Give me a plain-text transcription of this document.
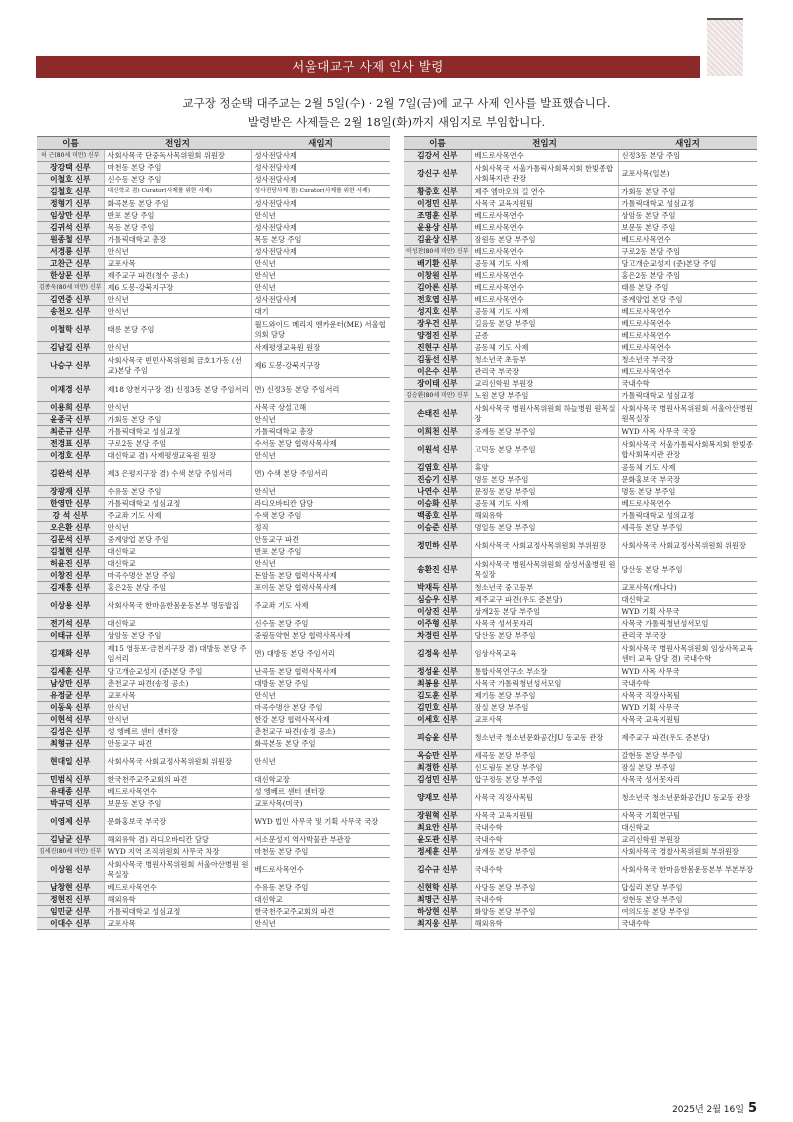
서울대교구 사제 인사 발령
교구장 정순택 대주교는 2월 5일(수) · 2월 7일(금)에 교구 사제 인사를 발표했습니다.
발령받은 사제들은 2월 18일(화)까지 새임지로 부임합니다.
이름	전임지	새임지
허 근(80세 미만) 신부	사회사목국 단중독사목위원회 위원장	성사전담사제
장강택 신부	마천동 본당 주임	성사전담사제
이철호 신부	신수동 본당 주임	성사전담사제
김철호 신부	대신학교 겸) Curator(사제를 위한 사제)	성사전담사제 겸) Curator(사제를 위한 사제)
정형기 신부	화곡본동 본당 주임	성사전담사제
임상만 신부	반포 본당 주임	안식년
김귀석 신부	목동 본당 주임	성사전담사제
원종철 신부	가톨릭대학교 총장	목동 본당 주임
서경룡 신부	안식년	성사전담사제
고찬근 신부	교포사목	안식년
한상문 신부	제주교구 파견(청수 공소)	안식년
김종욱(80세 미만) 신부	제6 도봉-강북지구장	안식년
김연중 신부	안식년	성사전담사제
송천오 신부	안식년	대기
이철학 신부	태릉 본당 주임	월드와이드 메리지 엔카운터(ME) 서울협의회 담당
김남길 신부	안식년	사제평생교육원 원장
나승구 신부	사회사목국 빈민사목위원회 금호1가동 (선교)본당 주임	제6 도봉-강북지구장
이재경 신부	제18 양천지구장 겸) 신정3동 본당 주임서리	면) 신정3동 본당 주임서리
이용희 신부	안식년	사목국 상설고해
윤종국 신부	가회동 본당 주임	안식년
최준규 신부	가톨릭대학교 성심교정	가톨릭대학교 총장
전경표 신부	구로2동 본당 주임	수서동 본당 협력사목사제
이정호 신부	대신학교 겸) 사제평생교육원 원장	안식년
김완석 신부	제3 은평지구장 겸) 수색 본당 주임서리	면) 수색 본당 주임서리
장광재 신부	수유동 본당 주임	안식년
한영만 신부	가톨릭대학교 성심교정	라디오바티칸 담당
강 석 신부	주교좌 기도 사제	수색 본당 주임
오은환 신부	안식년	정직
김문석 신부	중계양업 본당 주임	안동교구 파견
김철현 신부	대신학교	반포 본당 주임
허윤진 신부	대신학교	안식년
이창진 신부	마곡수명산 본당 주임	돈암동 본당 협력사목사제
김재흥 신부	홍은2동 본당 주임	포이동 본당 협력사목사제
이상용 신부	사회사목국 한마음한몸운동본부 명동밥집	주교좌 기도 사제
전기석 신부	대신학교	신수동 본당 주임
이태규 신부	상암동 본당 주임	중림동약현 본당 협력사목사제
김재화 신부	제15 영등포-금천지구장 겸) 대방동 본당 주임서리	면) 대방동 본당 주임서리
김세훈 신부	당고개순교성지 (준)본당 주임	난곡동 본당 협력사목사제
남상만 신부	춘천교구 파견(송정 공소)	대방동 본당 주임
유정균 신부	교포사목	안식년
이동욱 신부	안식년	마곡수명산 본당 주임
이현석 신부	안식년	한강 본당 협력사목사제
김성은 신부	성 엥베르 센터 센터장	춘천교구 파견(송정 공소)
최형규 신부	안동교구 파견	화곡본동 본당 주임
현대일 신부	사회사목국 사회교정사목위원회 위원장	안식년
민범식 신부	한국천주교주교회의 파견	대신학교장
유태종 신부	베드로사목연수	성 엥베르 센터 센터장
박규덕 신부	보문동 본당 주임	교포사목(미국)
이영제 신부	문화홍보국 부국장	WYD 법인 사무국 및 기획 사무국 국장
김남균 신부	해외유학 겸) 라디오바티칸 담당	서소문성지 역사박물관 부관장
김세진(80세 미만) 신부	WYD 지역 조직위원회 사무국 차장	마천동 본당 주임
이상원 신부	사회사목국 병원사목위원회 서울아산병원 원목실장	베드로사목연수
남창현 신부	베드로사목연수	수유동 본당 주임
정현진 신부	해외유학	대신학교
임민균 신부	가톨릭대학교 성심교정	한국천주교주교회의 파견
이대수 신부	교포사목	안식년
이름	전임지	새임지
김강서 신부	베드로사목연수	신정3동 본당 주임
강신구 신부	사회사목국 서울가톨릭사회복지회 한빛종합사회복지관 관장	교포사목(일본)
황중호 신부	제주 엠마오의 길 연수	가회동 본당 주임
이정민 신부	사목국 교육지원팀	가톨릭대학교 성심교정
조명훈 신부	베드로사목연수	상암동 본당 주임
윤용상 신부	베드로사목연수	보문동 본당 주임
김윤상 신부	잠원동 본당 부주임	베드로사목연수
이성찬(80세 미만) 신부	베드로사목연수	구로2동 본당 주임
배기환 신부	공동체 기도 사제	당고개순교성지 (준)본당 주임
이창원 신부	베드로사목연수	홍은2동 본당 주임
김아론 신부	베드로사목연수	태릉 본당 주임
전호엽 신부	베드로사목연수	중계양업 본당 주임
성지호 신부	공동체 기도 사제	베드로사목연수
장우건 신부	길음동 본당 부주임	베드로사목연수
양정진 신부	군종	베드로사목연수
진현구 신부	공동체 기도 사제	베드로사목연수
김동선 신부	청소년국 초등부	청소년국 부국장
이은수 신부	관리국 부국장	베드로사목연수
장이태 신부	교리신학원 부원장	국내수학
김승환(80세 미만) 신부	노원 본당 부주임	가톨릭대학교 성심교정
손태진 신부	사회사목국 병원사목위원회 하늘병원 원목실장	사회사목국 병원사목위원회 서울아산병원 원목실장
이희천 신부	중계동 본당 부주임	WYD 사목 사무국 국장
이원석 신부	고덕동 본당 부주임	사회사목국 서울가톨릭사회복지회 한빛종합사회복지관 관장
김염호 신부	휴양	공동체 기도 사제
진승기 신부	명동 본당 부주임	문화홍보국 부국장
나연수 신부	문정동 본당 부주임	명동 본당 부주임
이승화 신부	공동체 기도 사제	베드로사목연수
백종호 신부	해외유학	가톨릭대학교 성의교정
이승준 신부	명일동 본당 부주임	세곡동 본당 부주임
정민하 신부	사회사목국 사회교정사목위원회 부위원장	사회사목국 사회교정사목위원회 위원장
송환진 신부	사회사목국 병원사목위원회 삼성서울병원 원목실장	당산동 본당 부주임
박재득 신부	청소년국 중고등부	교포사목(캐나다)
심승우 신부	제주교구 파견(우도 준본당)	대신학교
이상진 신부	상계2동 본당 부주임	WYD 기획 사무국
이주형 신부	사목국 성서못자리	사목국 가톨릭청년성서모임
차경린 신부	당산동 본당 부주임	관리국 부국장
김정욱 신부	임상사목교육	사회사목국 병원사목위원회 임상사목교육센터 교육 담당 겸) 국내수학
정성윤 신부	통합사목연구소 부소장	WYD 사목 사무국
최봉용 신부	사목국 가톨릭청년성서모임	국내수학
김도훈 신부	제기동 본당 부주임	사목국 직장사목팀
김민호 신부	잠실 본당 부주임	WYD 기획 사무국
이세호 신부	교포사목	사목국 교육지원팀
피승윤 신부	청소년국 청소년문화공간JU 동교동 관장	제주교구 파견(우도 준본당)
옥승만 신부	세곡동 본당 부주임	갈현동 본당 부주임
최경한 신부	신도림동 본당 부주임	잠실 본당 부주임
김성민 신부	압구정동 본당 부주임	사목국 성서못자리
양재모 신부	사목국 직장사목팀	청소년국 청소년문화공간JU 동교동 관장
장원혁 신부	사목국 교육지원팀	사목국 기획연구팀
최요안 신부	국내수학	대신학교
윤도관 신부	국내수학	교리신학원 부원장
정세훈 신부	상계동 본당 부주임	사회사목국 경찰사목위원회 부위원장
김수규 신부	국내수학	사회사목국 한마음한몸운동본부 부본부장
신현학 신부	사당동 본당 부주임	답십리 본당 부주임
최명근 신부	국내수학	성현동 본당 부주임
하상현 신부	화양동 본당 부주임	여의도동 본당 부주임
최지웅 신부	해외유학	국내수학
2025년 2월 16일 5
